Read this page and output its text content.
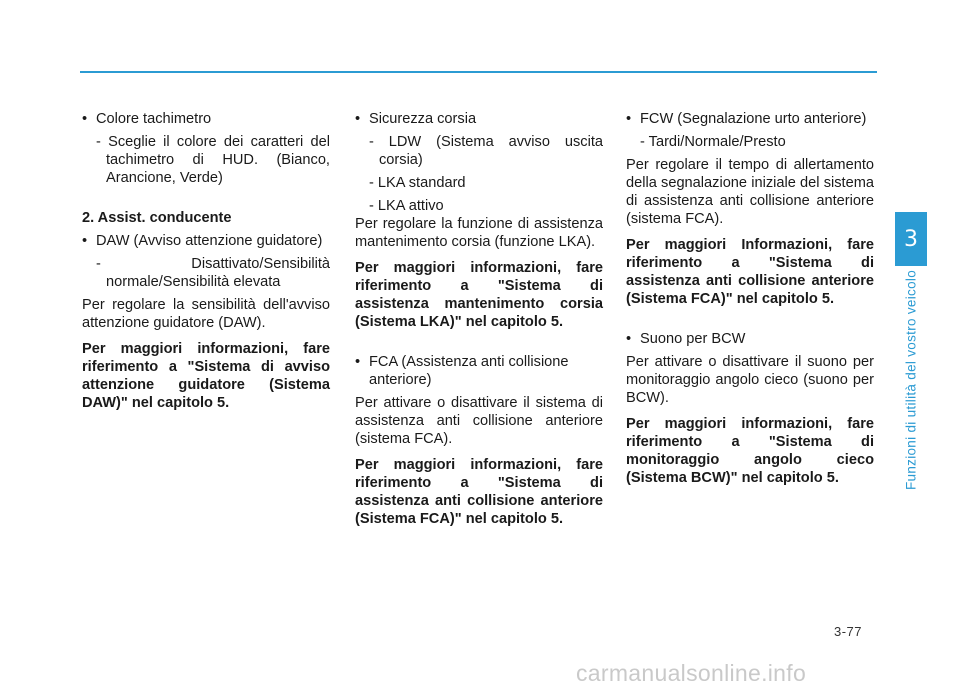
• Colore tachimetro

- Sceglie il colore dei caratteri del tachimetro di HUD. (Bianco, Arancione, Verde)

2. Assist. conducente

• DAW (Avviso attenzione guidatore)

- Disattivato/Sensibilità

normale/Sensibilità elevata

Per regolare la sensibilità dell'avviso attenzione guidatore (DAW).

Per maggiori informazioni, fare riferimento a "Sistema di avviso attenzione guidatore (Sistema DAW)" nel capitolo 5.

• Sicurezza corsia

- LDW (Sistema avviso uscita corsia)

- LKA standard

- LKA attivo

Per regolare la funzione di assistenza mantenimento corsia (funzione LKA).

Per maggiori informazioni, fare riferimento a "Sistema di assistenza mantenimento corsia (Sistema LKA)" nel capitolo 5.

• FCA (Assistenza anti collisione anteriore)

Per attivare o disattivare il sistema di assistenza anti collisione anteriore (sistema FCA).

Per maggiori informazioni, fare riferimento a "Sistema di assistenza anti collisione anteriore (Sistema FCA)" nel capitolo 5.

• FCW (Segnalazione urto anteriore)

- Tardi/Normale/Presto

Per regolare il tempo di allertamento della segnalazione iniziale del sistema di assistenza anti collisione anteriore (sistema FCA).

Per maggiori Informazioni, fare riferimento a "Sistema di assistenza anti collisione anteriore (Sistema FCA)" nel capitolo 5.

• Suono per BCW

Per attivare o disattivare il suono per monitoraggio angolo cieco (suono per BCW).

Per maggiori informazioni, fare riferimento a "Sistema di monitoraggio angolo cieco (Sistema BCW)" nel capitolo 5.

3
Funzioni di utilità del vostro veicolo
3-77
carmanualsonline.info
